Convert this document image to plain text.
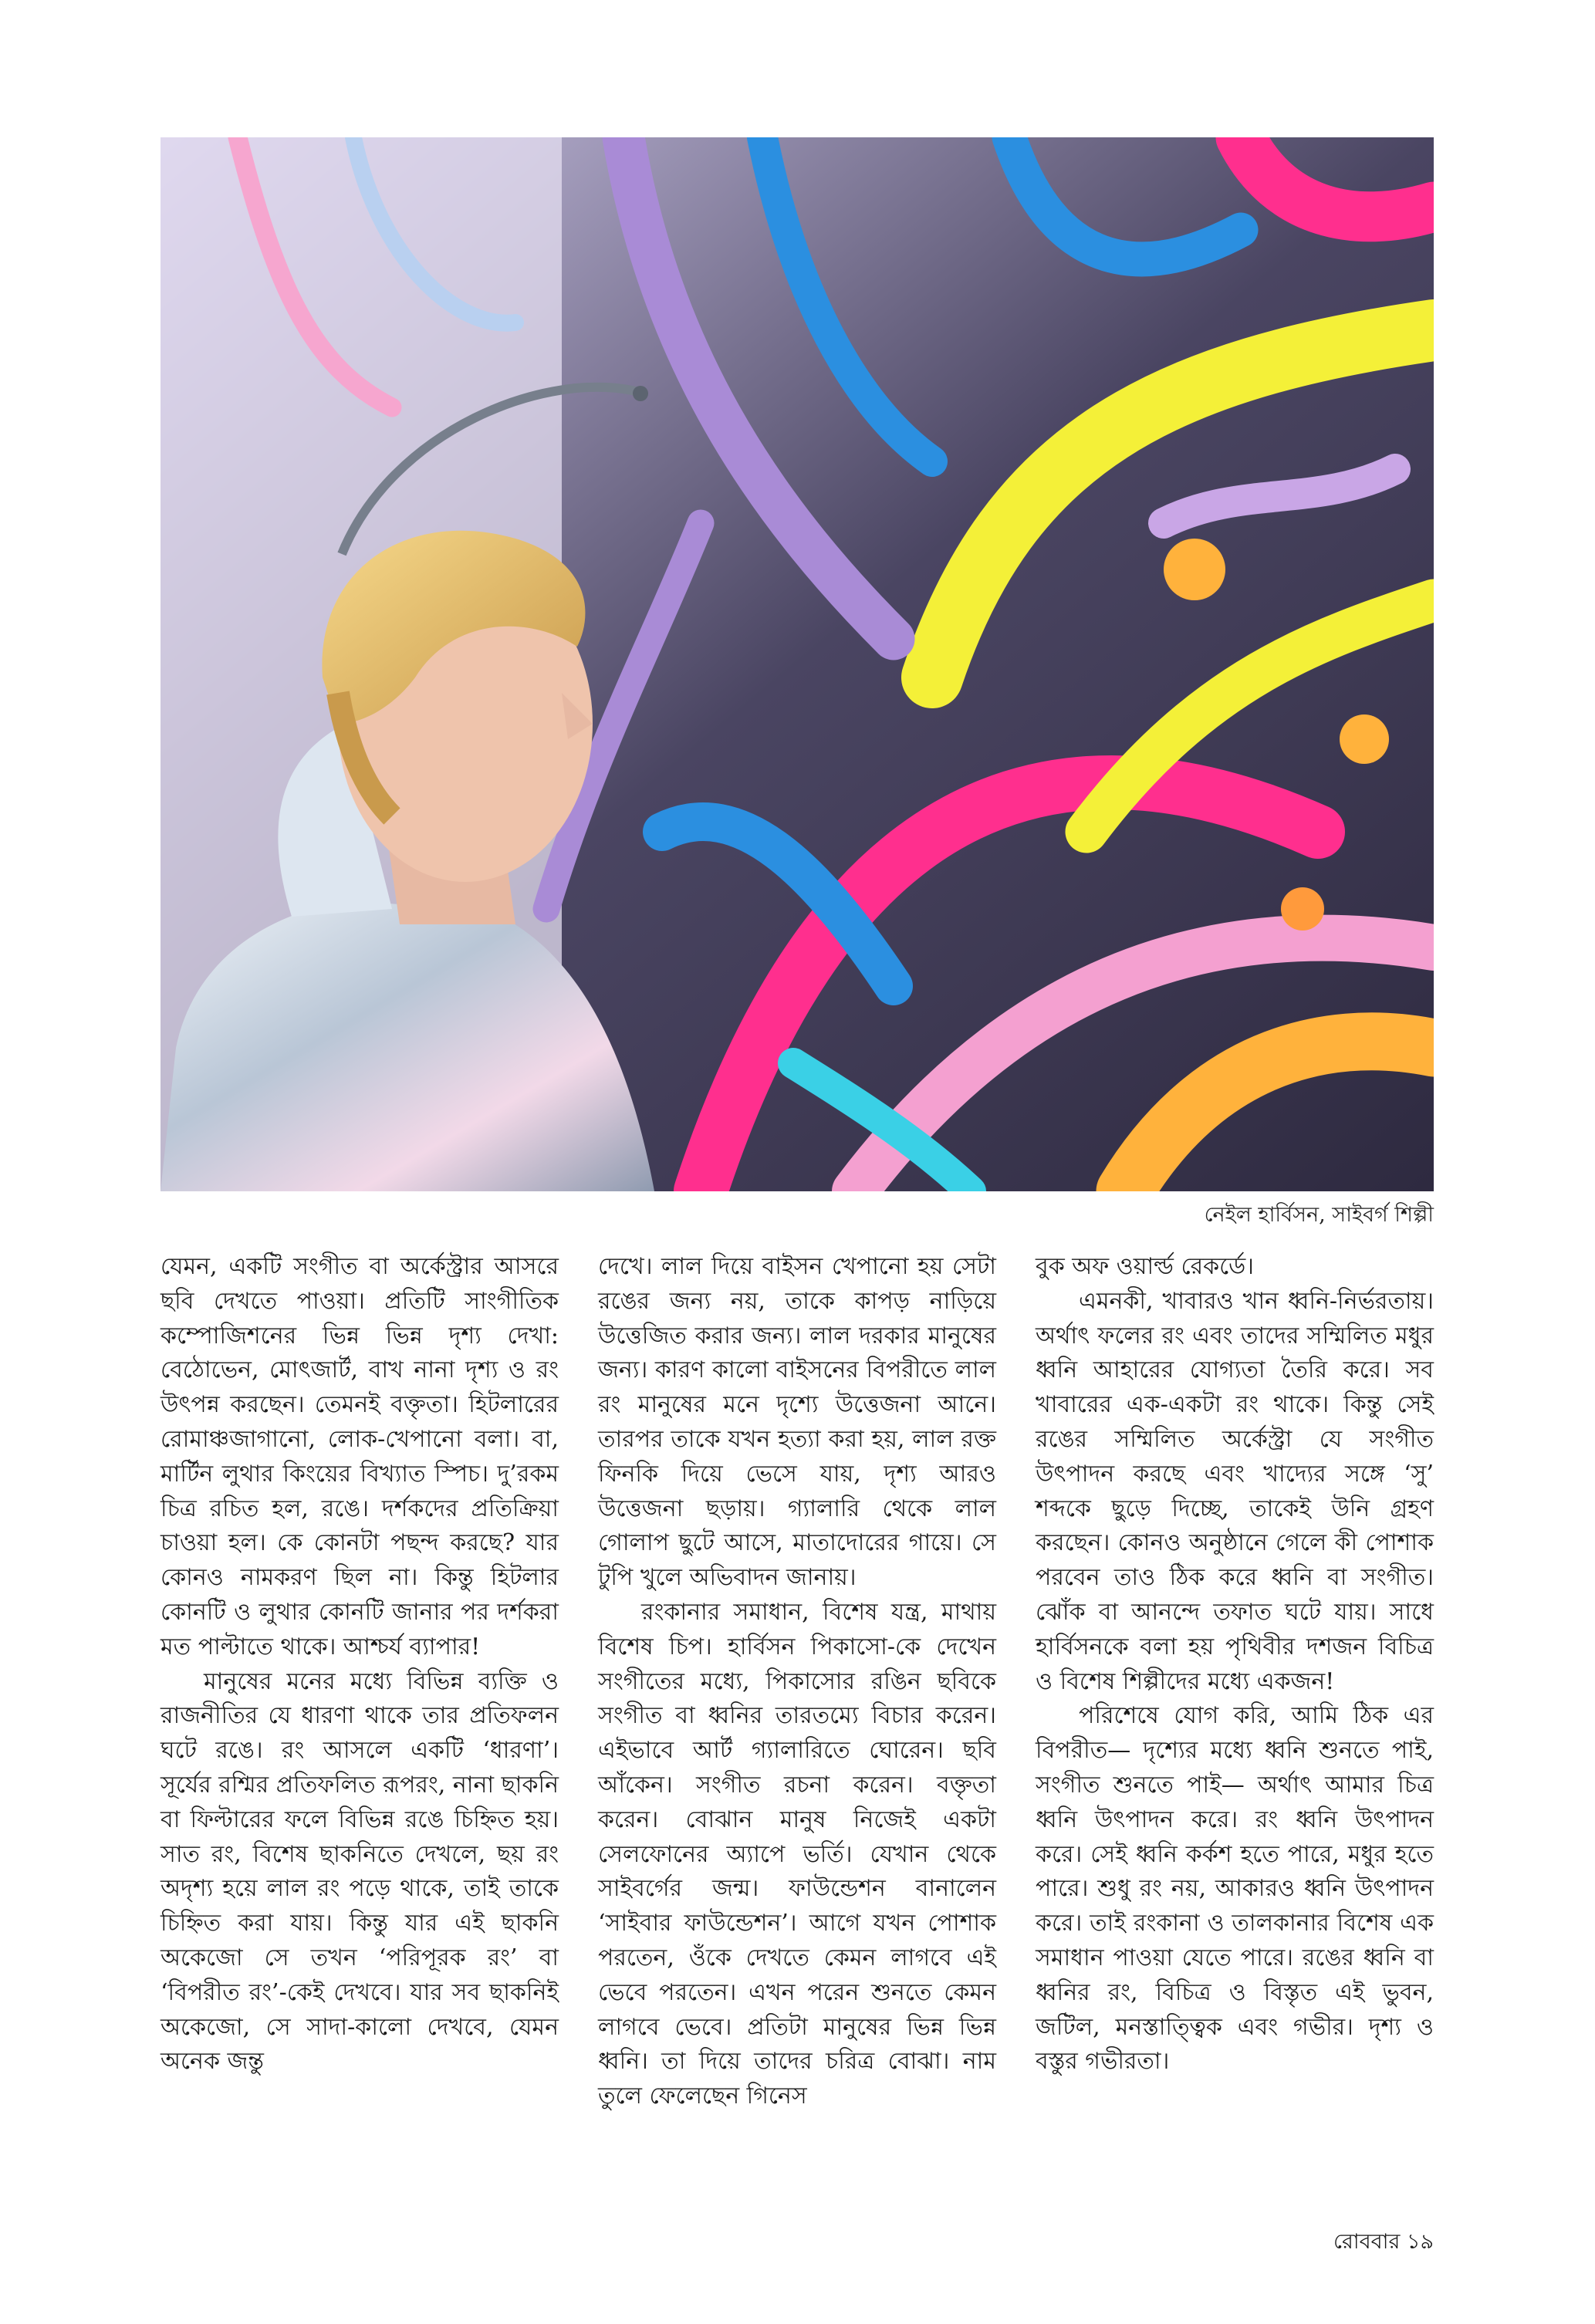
নেইল হার্বিসন, সাইবর্গ শিল্পী

যেমন, একটি সংগীত বা অর্কেস্ট্রার আসরে ছবি দেখতে পাওয়া। প্রতিটি সাংগীতিক কম্পোজিশনের ভিন্ন ভিন্ন দৃশ্য দেখা: বেঠোভেন, মোৎজার্ট, বাখ নানা দৃশ্য ও রং উৎপন্ন করছেন। তেমনই বক্তৃতা। হিটলারের রোমাঞ্চজাগানো, লোক-খেপানো বলা। বা, মার্টিন লুথার কিংয়ের বিখ্যাত স্পিচ। দু’রকম চিত্র রচিত হল, রঙে। দর্শকদের প্রতিক্রিয়া চাওয়া হল। কে কোনটা পছন্দ করছে? যার কোনও নামকরণ ছিল না। কিন্তু হিটলার কোনটি ও লুথার কোনটি জানার পর দর্শকরা মত পাল্টাতে থাকে। আশ্চর্য ব্যাপার!

মানুষের মনের মধ্যে বিভিন্ন ব্যক্তি ও রাজনীতির যে ধারণা থাকে তার প্রতিফলন ঘটে রঙে। রং আসলে একটি ‘ধারণা’। সূর্যের রশ্মির প্রতিফলিত রূপরং, নানা ছাকনি বা ফিল্টারের ফলে বিভিন্ন রঙে চিহ্নিত হয়। সাত রং, বিশেষ ছাকনিতে দেখলে, ছয় রং অদৃশ্য হয়ে লাল রং পড়ে থাকে, তাই তাকে চিহ্নিত করা যায়। কিন্তু যার এই ছাকনি অকেজো সে তখন ‘পরিপূরক রং’ বা ‘বিপরীত রং’-কেই দেখবে। যার সব ছাকনিই অকেজো, সে সাদা-কালো দেখবে, যেমন অনেক জন্তু

দেখে। লাল দিয়ে বাইসন খেপানো হয় সেটা রঙের জন্য নয়, তাকে কাপড় নাড়িয়ে উত্তেজিত করার জন্য। লাল দরকার মানুষের জন্য। কারণ কালো বাইসনের বিপরীতে লাল রং মানুষের মনে দৃশ্যে উত্তেজনা আনে। তারপর তাকে যখন হত্যা করা হয়, লাল রক্ত ফিনকি দিয়ে ভেসে যায়, দৃশ্য আরও উত্তেজনা ছড়ায়। গ্যালারি থেকে লাল গোলাপ ছুটে আসে, মাতাদোরের গায়ে। সে টুপি খুলে অভিবাদন জানায়।

রংকানার সমাধান, বিশেষ যন্ত্র, মাথায় বিশেষ চিপ। হার্বিসন পিকাসো-কে দেখেন সংগীতের মধ্যে, পিকাসোর রঙিন ছবিকে সংগীত বা ধ্বনির তারতম্যে বিচার করেন। এইভাবে আর্ট গ্যালারিতে ঘোরেন। ছবি আঁকেন। সংগীত রচনা করেন। বক্তৃতা করেন। বোঝান মানুষ নিজেই একটা সেলফোনের অ্যাপে ভর্তি। যেখান থেকে সাইবর্গের জন্ম। ফাউন্ডেশন বানালেন ‘সাইবার ফাউন্ডেশন’। আগে যখন পোশাক পরতেন, ওঁকে দেখতে কেমন লাগবে এই ভেবে পরতেন। এখন পরেন শুনতে কেমন লাগবে ভেবে। প্রতিটা মানুষের ভিন্ন ভিন্ন ধ্বনি। তা দিয়ে তাদের চরিত্র বোঝা। নাম তুলে ফেলেছেন গিনেস

বুক অফ ওয়ার্ল্ড রেকর্ডে।

এমনকী, খাবারও খান ধ্বনি-নির্ভরতায়। অর্থাৎ ফলের রং এবং তাদের সম্মিলিত মধুর ধ্বনি আহারের যোগ্যতা তৈরি করে। সব খাবারের এক-একটা রং থাকে। কিন্তু সেই রঙের সম্মিলিত অর্কেস্ট্রা যে সংগীত উৎপাদন করছে এবং খাদ্যের সঙ্গে ‘সু’ শব্দকে ছুড়ে দিচ্ছে, তাকেই উনি গ্রহণ করছেন। কোনও অনুষ্ঠানে গেলে কী পোশাক পরবেন তাও ঠিক করে ধ্বনি বা সংগীত। ঝোঁক বা আনন্দে তফাত ঘটে যায়। সাধে হার্বিসনকে বলা হয় পৃথিবীর দশজন বিচিত্র ও বিশেষ শিল্পীদের মধ্যে একজন!

পরিশেষে যোগ করি, আমি ঠিক এর বিপরীত— দৃশ্যের মধ্যে ধ্বনি শুনতে পাই, সংগীত শুনতে পাই— অর্থাৎ আমার চিত্র ধ্বনি উৎপাদন করে। রং ধ্বনি উৎপাদন করে। সেই ধ্বনি কর্কশ হতে পারে, মধুর হতে পারে। শুধু রং নয়, আকারও ধ্বনি উৎপাদন করে। তাই রংকানা ও তালকানার বিশেষ এক সমাধান পাওয়া যেতে পারে। রঙের ধ্বনি বা ধ্বনির রং, বিচিত্র ও বিস্তৃত এই ভুবন, জটিল, মনস্তাত্ত্বিক এবং গভীর। দৃশ্য ও বস্তুর গভীরতা।

রোববার ১৯
